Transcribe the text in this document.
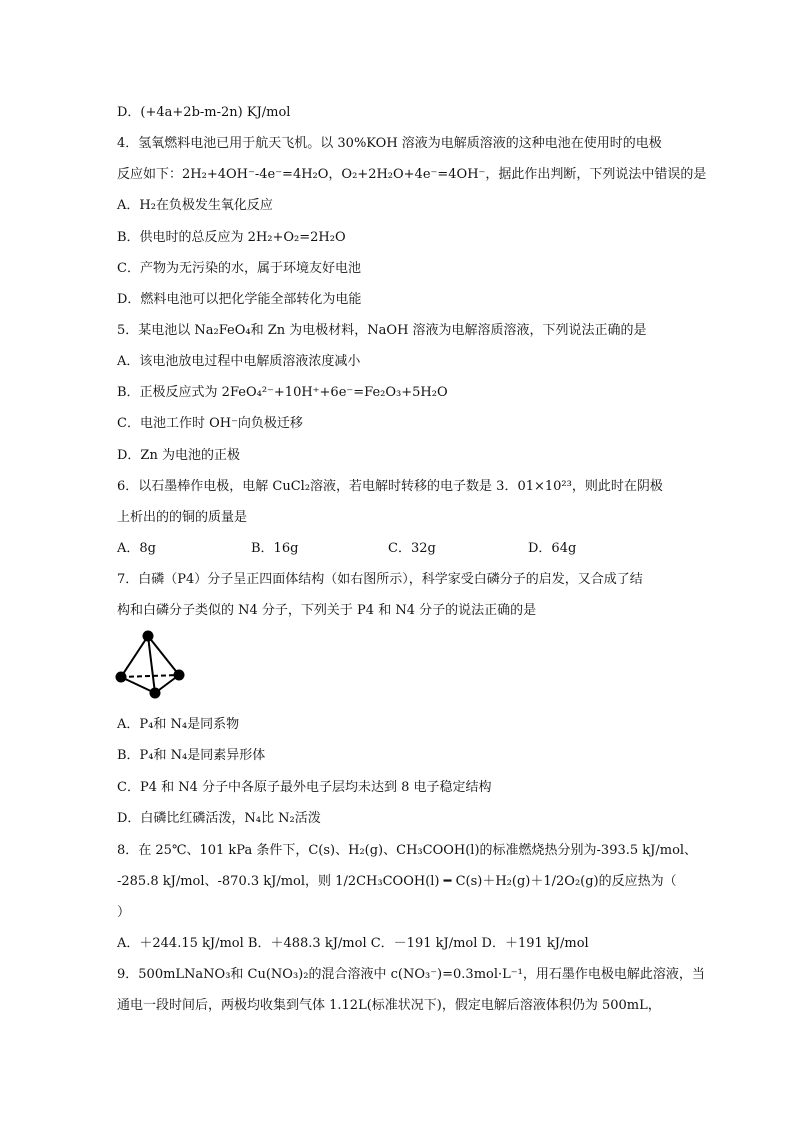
D．(+4a+2b-m-2n) KJ/mol
4．氢氧燃料电池已用于航天飞机。以 30%KOH 溶液为电解质溶液的这种电池在使用时的电极
反应如下：2H₂+4OH⁻-4e⁻=4H₂O，O₂+2H₂O+4e⁻=4OH⁻，据此作出判断，下列说法中错误的是
A．H₂在负极发生氧化反应
B．供电时的总反应为 2H₂+O₂=2H₂O
C．产物为无污染的水，属于环境友好电池
D．燃料电池可以把化学能全部转化为电能
5．某电池以 Na₂FeO₄和 Zn 为电极材料，NaOH 溶液为电解溶质溶液，下列说法正确的是
A．该电池放电过程中电解质溶液浓度减小
B．正极反应式为 2FeO₄²⁻+10H⁺+6e⁻=Fe₂O₃+5H₂O
C．电池工作时 OH⁻向负极迁移
D．Zn 为电池的正极
6．以石墨棒作电极，电解 CuCl₂溶液，若电解时转移的电子数是 3．01×10²³，则此时在阴极
上析出的的铜的质量是
A．8g	B．16g	C．32g	D．64g
7．白磷（P4）分子呈正四面体结构（如右图所示），科学家受白磷分子的启发，又合成了结
构和白磷分子类似的 N4 分子，下列关于 P4 和 N4 分子的说法正确的是
A．P₄和 N₄是同系物
B．P₄和 N₄是同素异形体
C．P4 和 N4 分子中各原子最外电子层均未达到 8 电子稳定结构
D．白磷比红磷活泼，N₄比 N₂活泼
8．在 25℃、101 kPa 条件下，C(s)、H₂(g)、CH₃COOH(l)的标准燃烧热分别为-393.5 kJ/mol、
-285.8 kJ/mol、-870.3 kJ/mol，则 1/2CH₃COOH(l) ━ C(s)＋H₂(g)＋1/2O₂(g)的反应热为（
）
A．＋244.15 kJ/mol B．＋488.3 kJ/mol C．－191 kJ/mol D．＋191 kJ/mol
9．500mLNaNO₃和 Cu(NO₃)₂的混合溶液中 c(NO₃⁻)=0.3mol·L⁻¹，用石墨作电极电解此溶液，当
通电一段时间后，两极均收集到气体 1.12L(标准状况下)，假定电解后溶液体积仍为 500mL，
